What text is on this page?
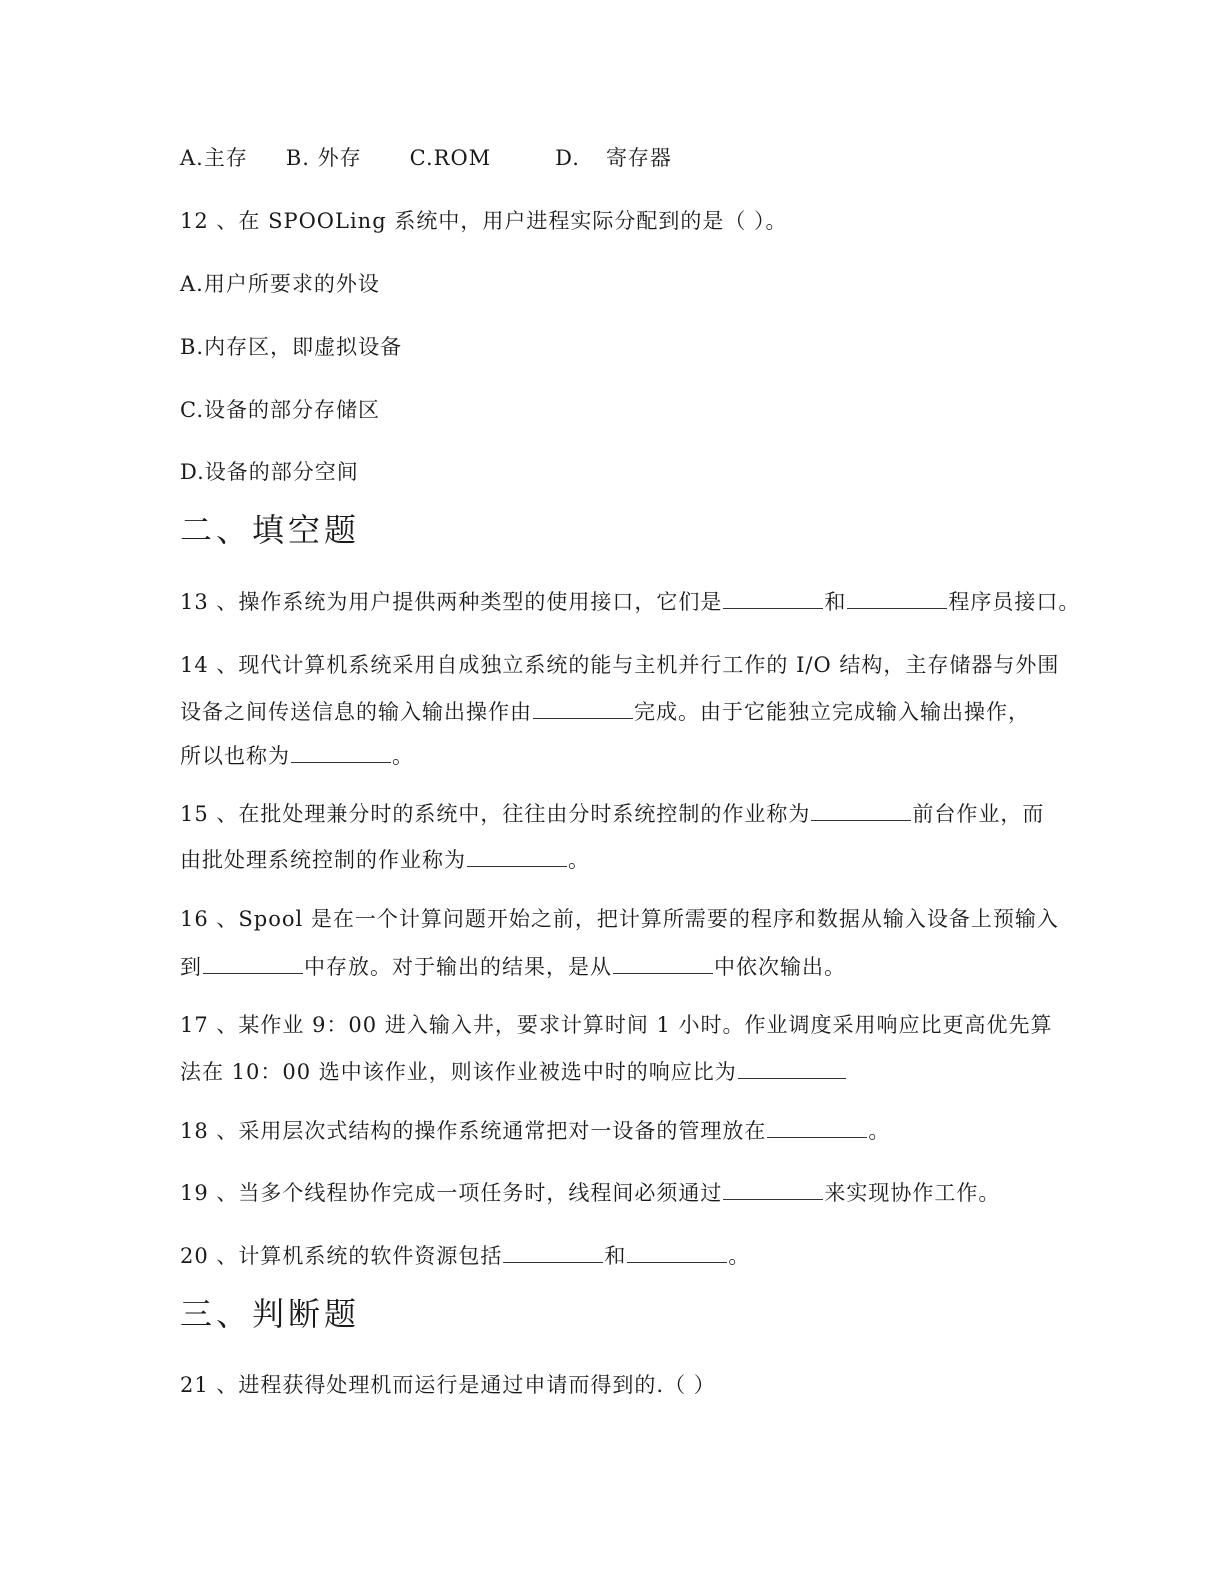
A.主存 B. 外存 C.ROM	D. 寄存器
12 、在 SPOOLing 系统中，用户进程实际分配到的是（ ）。
A.用户所要求的外设
B.内存区，即虚拟设备
C.设备的部分存储区
D.设备的部分空间
二、填空题
13 、操作系统为用户提供两种类型的使用接口，它们是	和	程序员接口。
14 、现代计算机系统采用自成独立系统的能与主机并行工作的 I/O 结构，主存储器与外围
设备之间传送信息的输入输出操作由	完成。由于它能独立完成输入输出操作，
所以也称为	。
15 、在批处理兼分时的系统中，往往由分时系统控制的作业称为	前台作业，而
由批处理系统控制的作业称为	。
16 、Spool 是在一个计算问题开始之前，把计算所需要的程序和数据从输入设备上预输入
到	中存放。对于输出的结果，是从	中依次输出。
17 、某作业 9：00 进入输入井，要求计算时间 1 小时。作业调度采用响应比更高优先算
法在 10：00 选中该作业，则该作业被选中时的响应比为
18 、采用层次式结构的操作系统通常把对一设备的管理放在	。
19 、当多个线程协作完成一项任务时，线程间必须通过	来实现协作工作。
20 、计算机系统的软件资源包括	和	。
三、判断题
21 、进程获得处理机而运行是通过申请而得到的.（ ）
